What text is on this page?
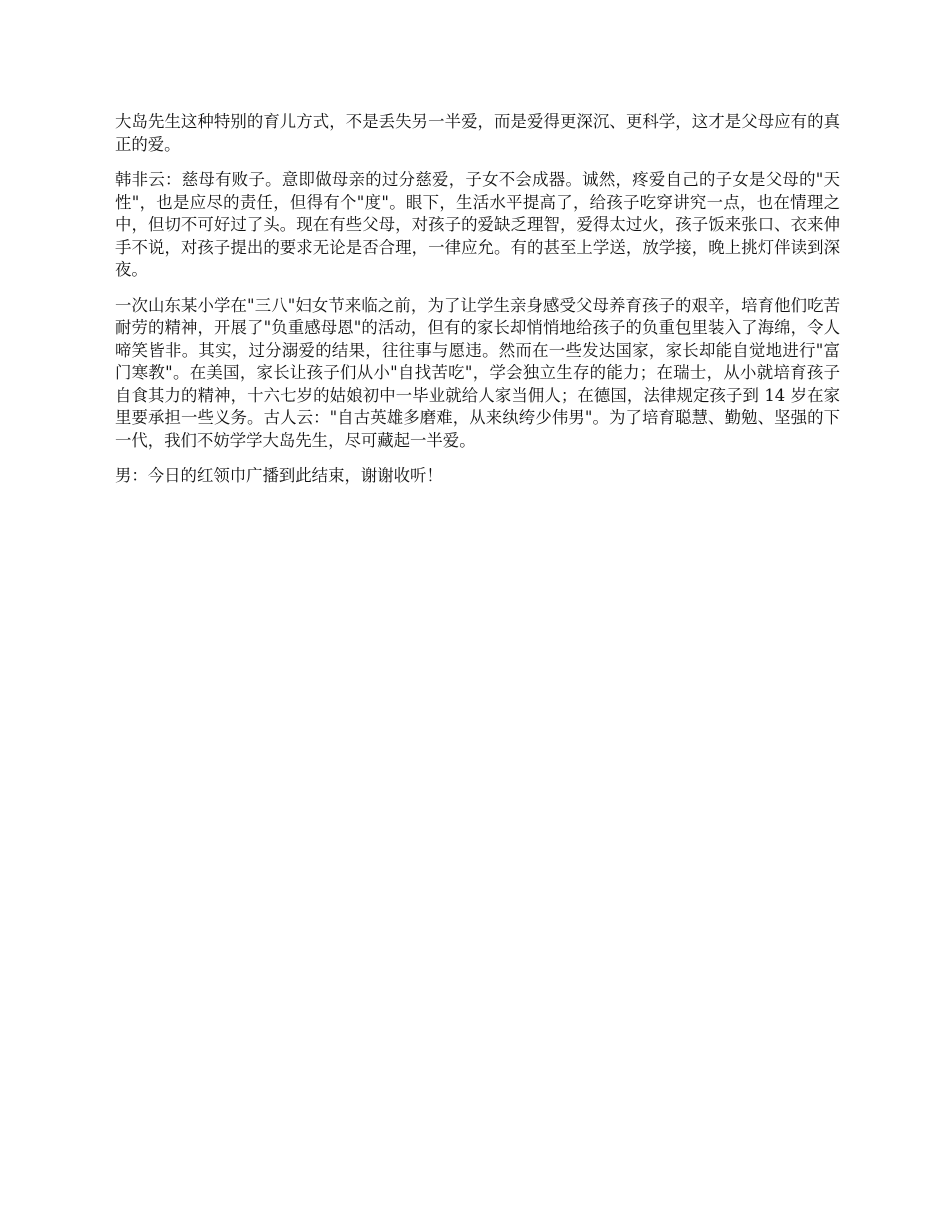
大岛先生这种特别的育儿方式，不是丢失另一半爱，而是爱得更深沉、更科学，这才是父母应有的真正的爱。

韩非云：慈母有败子。意即做母亲的过分慈爱，子女不会成器。诚然，疼爱自己的子女是父母的"天性"，也是应尽的责任，但得有个"度"。眼下，生活水平提高了，给孩子吃穿讲究一点，也在情理之中，但切不可好过了头。现在有些父母，对孩子的爱缺乏理智，爱得太过火，孩子饭来张口、衣来伸手不说，对孩子提出的要求无论是否合理，一律应允。有的甚至上学送，放学接，晚上挑灯伴读到深夜。

一次山东某小学在"三八"妇女节来临之前，为了让学生亲身感受父母养育孩子的艰辛，培育他们吃苦耐劳的精神，开展了"负重感母恩"的活动，但有的家长却悄悄地给孩子的负重包里装入了海绵，令人啼笑皆非。其实，过分溺爱的结果，往往事与愿违。然而在一些发达国家，家长却能自觉地进行"富门寒教"。在美国，家长让孩子们从小"自找苦吃"，学会独立生存的能力；在瑞士，从小就培育孩子自食其力的精神，十六七岁的姑娘初中一毕业就给人家当佣人；在德国，法律规定孩子到 14 岁在家里要承担一些义务。古人云："自古英雄多磨难，从来纨绔少伟男"。为了培育聪慧、勤勉、坚强的下一代，我们不妨学学大岛先生，尽可藏起一半爱。

男：今日的红领巾广播到此结束，谢谢收听！
